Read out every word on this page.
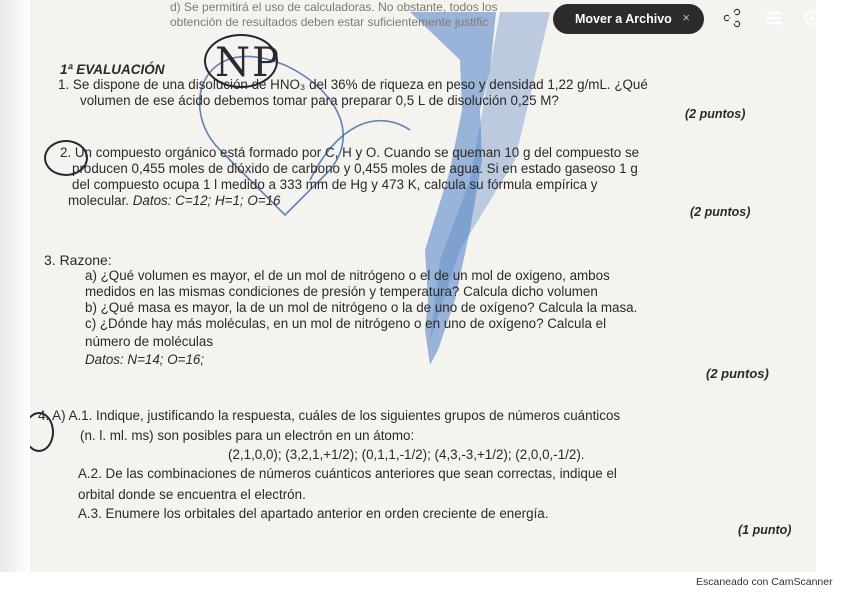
d) Se permitirá el uso de calculadoras. No obstante, todos los
obtención de resultados deben estar suficientemente justific
1ª EVALUACIÓN
1. Se dispone de una disolución de HNO₃ del 36% de riqueza en peso y densidad 1,22 g/mL. ¿Qué
volumen de ese ácido debemos tomar para preparar 0,5 L de disolución 0,25 M?
(2 puntos)
2. Un compuesto orgánico está formado por C, H y O. Cuando se queman 10 g del compuesto se
producen 0,455 moles de dióxido de carbono y 0,455 moles de agua. Si en estado gaseoso 1 g
del compuesto ocupa 1 l medido a 333 mm de Hg y 473 K, calcula su fórmula empírica y
molecular. Datos: C=12; H=1; O=16
(2 puntos)
3. Razone:
a) ¿Qué volumen es mayor, el de un mol de nitrógeno o el de un mol de oxigeno, ambos
medidos en las mismas condiciones de presión y temperatura? Calcula dicho volumen
b) ¿Qué masa es mayor, la de un mol de nitrógeno o la de uno de oxígeno? Calcula la masa.
c) ¿Dónde hay más moléculas, en un mol de nitrógeno o en uno de oxígeno? Calcula el
número de moléculas
Datos: N=14; O=16;
(2 puntos)
4. A) A.1. Indique, justificando la respuesta, cuáles de los siguientes grupos de números cuánticos
(n. l. ml. ms) son posibles para un electrón en un átomo:
(2,1,0,0); (3,2,1,+1/2); (0,1,1,-1/2); (4,3,-3,+1/2); (2,0,0,-1/2).
A.2. De las combinaciones de números cuánticos anteriores que sean correctas, indique el
orbital donde se encuentra el electrón.
A.3. Enumere los orbitales del apartado anterior en orden creciente de energía.
(1 punto)
NP
Mover a Archivo ×
Escaneado con CamScanner
